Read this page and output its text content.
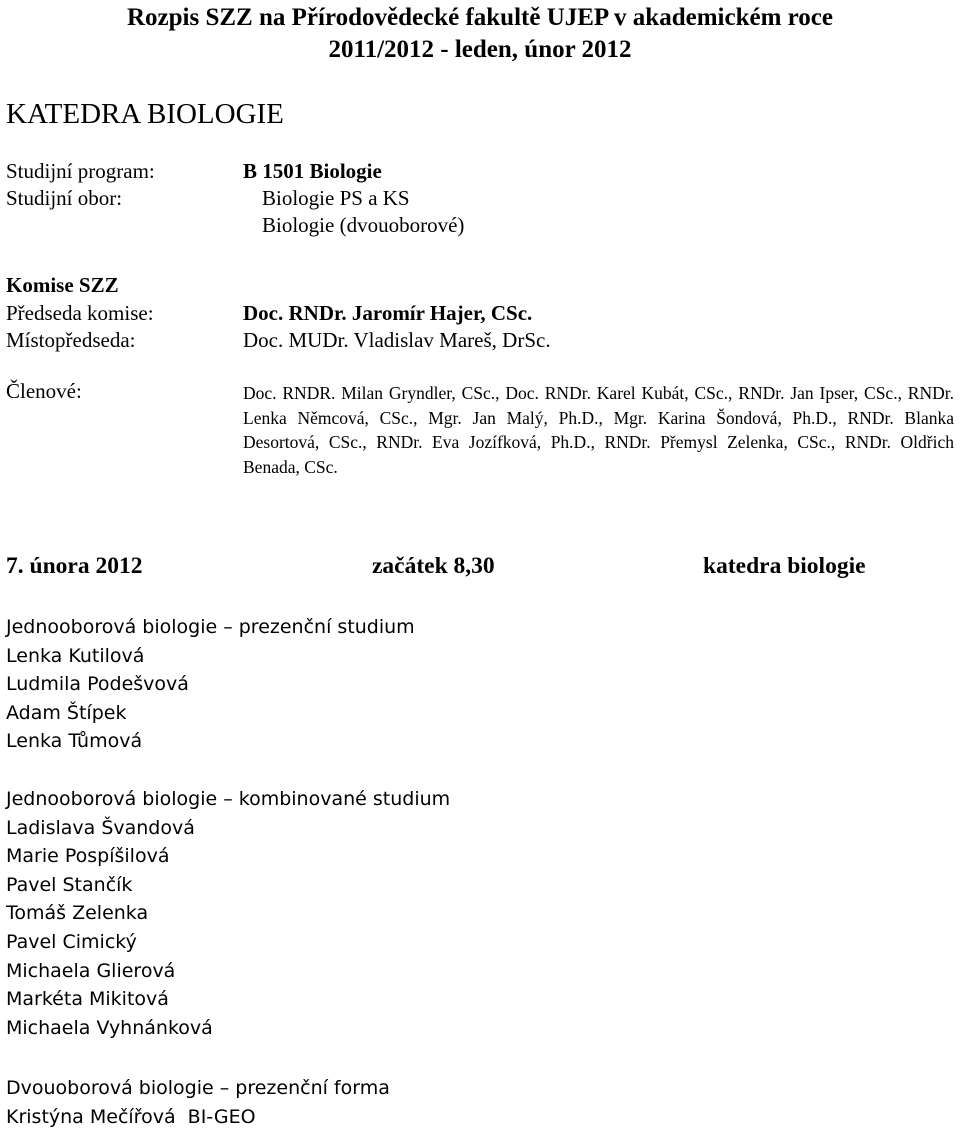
Rozpis SZZ na Přírodovědecké fakultě UJEP v akademickém roce
2011/2012 - leden, únor 2012
KATEDRA BIOLOGIE
Studijní program:	B 1501 Biologie
Studijní obor:	Biologie PS a KS
Biologie (dvouoborové)
Komise SZZ
Předseda komise:	Doc. RNDr. Jaromír Hajer, CSc.
Místopředseda:	Doc. MUDr. Vladislav Mareš, DrSc.
Členové:	Doc. RNDR. Milan Gryndler, CSc., Doc. RNDr. Karel Kubát, CSc., RNDr. Jan Ipser, CSc., RNDr. Lenka Němcová, CSc., Mgr. Jan Malý, Ph.D., Mgr. Karina Šondová, Ph.D., RNDr. Blanka Desortová, CSc., RNDr. Eva Jozífková, Ph.D., RNDr. Přemysl Zelenka, CSc., RNDr. Oldřich Benada, CSc.
7. února 2012	začátek 8,30	katedra biologie
Jednooborová biologie – prezenční studium
Lenka Kutilová
Ludmila Podešvová
Adam Štípek
Lenka Tůmová
Jednooborová biologie – kombinované studium
Ladislava Švandová
Marie Pospíšilová
Pavel Stančík
Tomáš Zelenka
Pavel Cimický
Michaela Glierová
Markéta Mikitová
Michaela Vyhnánková
Dvouoborová biologie – prezenční forma
Kristýna Mečířová  BI-GEO
